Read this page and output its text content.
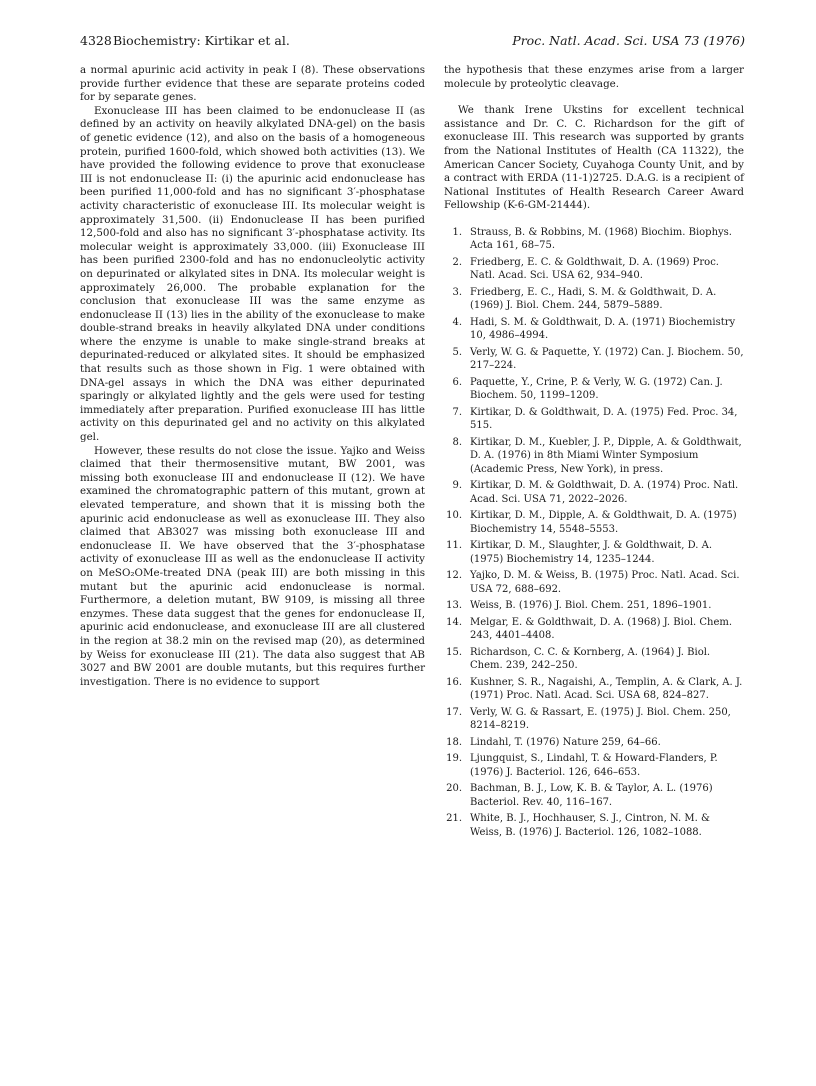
4328 Biochemistry: Kirtikar et al.	Proc. Natl. Acad. Sci. USA 73 (1976)

a normal apurinic acid activity in peak I (8). These observations provide further evidence that these are separate proteins coded for by separate genes.

Exonuclease III has been claimed to be endonuclease II (as defined by an activity on heavily alkylated DNA-gel) on the basis of genetic evidence (12), and also on the basis of a homogeneous protein, purified 1600-fold, which showed both activities (13). We have provided the following evidence to prove that exonuclease III is not endonuclease II: (i) the apurinic acid endonuclease has been purified 11,000-fold and has no significant 3′-phosphatase activity characteristic of exonuclease III. Its molecular weight is approximately 31,500. (ii) Endonuclease II has been purified 12,500-fold and also has no significant 3′-phosphatase activity. Its molecular weight is approximately 33,000. (iii) Exonuclease III has been purified 2300-fold and has no endonucleolytic activity on depurinated or alkylated sites in DNA. Its molecular weight is approximately 26,000. The probable explanation for the conclusion that exonuclease III was the same enzyme as endonuclease II (13) lies in the ability of the exonuclease to make double-strand breaks in heavily alkylated DNA under conditions where the enzyme is unable to make single-strand breaks at depurinated-reduced or alkylated sites. It should be emphasized that results such as those shown in Fig. 1 were obtained with DNA-gel assays in which the DNA was either depurinated sparingly or alkylated lightly and the gels were used for testing immediately after preparation. Purified exonuclease III has little activity on this depurinated gel and no activity on this alkylated gel.

However, these results do not close the issue. Yajko and Weiss claimed that their thermosensitive mutant, BW 2001, was missing both exonuclease III and endonuclease II (12). We have examined the chromatographic pattern of this mutant, grown at elevated temperature, and shown that it is missing both the apurinic acid endonuclease as well as exonuclease III. They also claimed that AB3027 was missing both exonuclease III and endonuclease II. We have observed that the 3′-phosphatase activity of exonuclease III as well as the endonuclease II activity on MeSO₂OMe-treated DNA (peak III) are both missing in this mutant but the apurinic acid endonuclease is normal. Furthermore, a deletion mutant, BW 9109, is missing all three enzymes. These data suggest that the genes for endonuclease II, apurinic acid endonuclease, and exonuclease III are all clustered in the region at 38.2 min on the revised map (20), as determined by Weiss for exonuclease III (21). The data also suggest that AB 3027 and BW 2001 are double mutants, but this requires further investigation. There is no evidence to support

the hypothesis that these enzymes arise from a larger molecule by proteolytic cleavage.

We thank Irene Ukstins for excellent technical assistance and Dr. C. C. Richardson for the gift of exonuclease III. This research was supported by grants from the National Institutes of Health (CA 11322), the American Cancer Society, Cuyahoga County Unit, and by a contract with ERDA (11-1)2725. D.A.G. is a recipient of National Institutes of Health Research Career Award Fellowship (K-6-GM-21444).

1. Strauss, B. & Robbins, M. (1968) Biochim. Biophys. Acta 161, 68–75.
2. Friedberg, E. C. & Goldthwait, D. A. (1969) Proc. Natl. Acad. Sci. USA 62, 934–940.
3. Friedberg, E. C., Hadi, S. M. & Goldthwait, D. A. (1969) J. Biol. Chem. 244, 5879–5889.
4. Hadi, S. M. & Goldthwait, D. A. (1971) Biochemistry 10, 4986–4994.
5. Verly, W. G. & Paquette, Y. (1972) Can. J. Biochem. 50, 217–224.
6. Paquette, Y., Crine, P. & Verly, W. G. (1972) Can. J. Biochem. 50, 1199–1209.
7. Kirtikar, D. & Goldthwait, D. A. (1975) Fed. Proc. 34, 515.
8. Kirtikar, D. M., Kuebler, J. P., Dipple, A. & Goldthwait, D. A. (1976) in 8th Miami Winter Symposium (Academic Press, New York), in press.
9. Kirtikar, D. M. & Goldthwait, D. A. (1974) Proc. Natl. Acad. Sci. USA 71, 2022–2026.
10. Kirtikar, D. M., Dipple, A. & Goldthwait, D. A. (1975) Biochemistry 14, 5548–5553.
11. Kirtikar, D. M., Slaughter, J. & Goldthwait, D. A. (1975) Biochemistry 14, 1235–1244.
12. Yajko, D. M. & Weiss, B. (1975) Proc. Natl. Acad. Sci. USA 72, 688–692.
13. Weiss, B. (1976) J. Biol. Chem. 251, 1896–1901.
14. Melgar, E. & Goldthwait, D. A. (1968) J. Biol. Chem. 243, 4401–4408.
15. Richardson, C. C. & Kornberg, A. (1964) J. Biol. Chem. 239, 242–250.
16. Kushner, S. R., Nagaishi, A., Templin, A. & Clark, A. J. (1971) Proc. Natl. Acad. Sci. USA 68, 824–827.
17. Verly, W. G. & Rassart, E. (1975) J. Biol. Chem. 250, 8214–8219.
18. Lindahl, T. (1976) Nature 259, 64–66.
19. Ljungquist, S., Lindahl, T. & Howard-Flanders, P. (1976) J. Bacteriol. 126, 646–653.
20. Bachman, B. J., Low, K. B. & Taylor, A. L. (1976) Bacteriol. Rev. 40, 116–167.
21. White, B. J., Hochhauser, S. J., Cintron, N. M. & Weiss, B. (1976) J. Bacteriol. 126, 1082–1088.
